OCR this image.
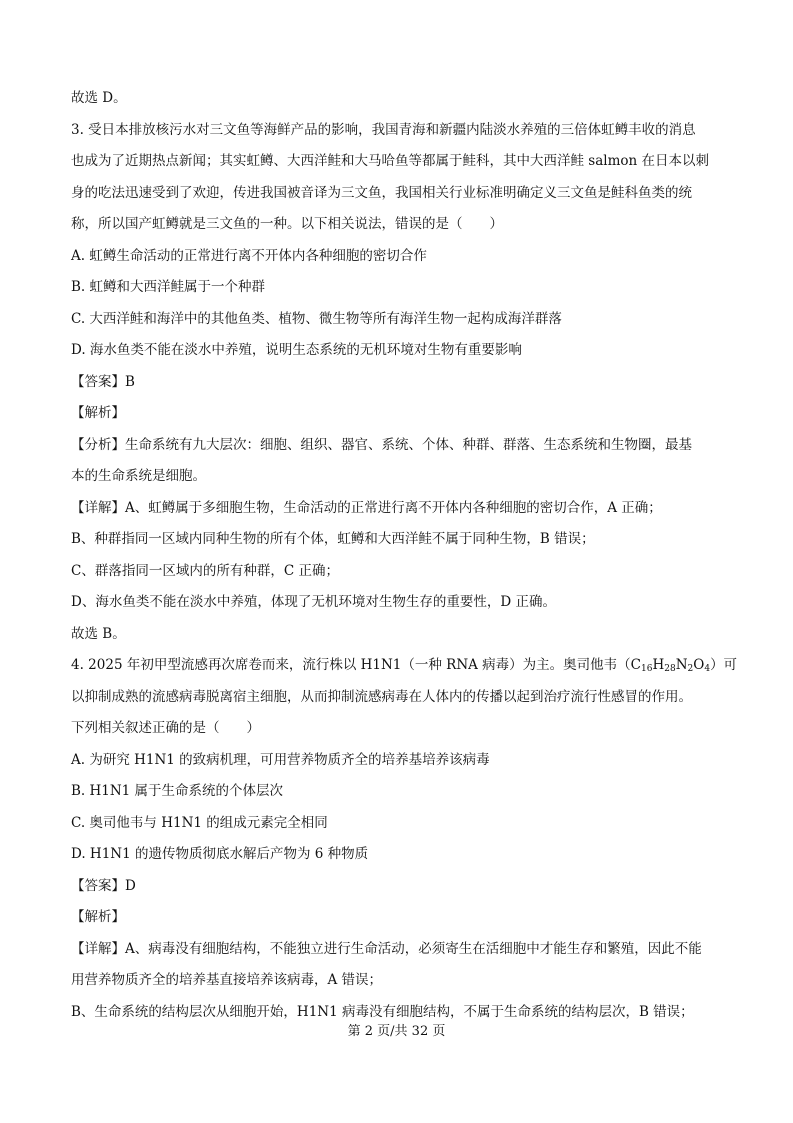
故选 D。
3. 受日本排放核污水对三文鱼等海鲜产品的影响，我国青海和新疆内陆淡水养殖的三倍体虹鳟丰收的消息
也成为了近期热点新闻；其实虹鳟、大西洋鲑和大马哈鱼等都属于鲑科，其中大西洋鲑 salmon 在日本以刺
身的吃法迅速受到了欢迎，传进我国被音译为三文鱼，我国相关行业标准明确定义三文鱼是鲑科鱼类的统
称，所以国产虹鳟就是三文鱼的一种。以下相关说法，错误的是（　　）
A. 虹鳟生命活动的正常进行离不开体内各种细胞的密切合作
B. 虹鳟和大西洋鲑属于一个种群
C. 大西洋鲑和海洋中的其他鱼类、植物、微生物等所有海洋生物一起构成海洋群落
D. 海水鱼类不能在淡水中养殖，说明生态系统的无机环境对生物有重要影响
【答案】B
【解析】
【分析】生命系统有九大层次：细胞、组织、器官、系统、个体、种群、群落、生态系统和生物圈，最基
本的生命系统是细胞。
【详解】A、虹鳟属于多细胞生物，生命活动的正常进行离不开体内各种细胞的密切合作，A 正确；
B、种群指同一区域内同种生物的所有个体，虹鳟和大西洋鲑不属于同种生物，B 错误；
C、群落指同一区域内的所有种群，C 正确；
D、海水鱼类不能在淡水中养殖，体现了无机环境对生物生存的重要性，D 正确。
故选 B。
4. 2025 年初甲型流感再次席卷而来，流行株以 H1N1（一种 RNA 病毒）为主。奥司他韦$(C_{16}H_{28}N_2O_4)$可
以抑制成熟的流感病毒脱离宿主细胞，从而抑制流感病毒在人体内的传播以起到治疗流行性感冒的作用。
下列相关叙述正确的是（　　）
A. 为研究 H1N1 的致病机理，可用营养物质齐全的培养基培养该病毒
B. H1N1 属于生命系统的个体层次
C. 奥司他韦与 H1N1 的组成元素完全相同
D. H1N1 的遗传物质彻底水解后产物为 6 种物质
【答案】D
【解析】
【详解】A、病毒没有细胞结构，不能独立进行生命活动，必须寄生在活细胞中才能生存和繁殖，因此不能
用营养物质齐全的培养基直接培养该病毒，A 错误；
B、生命系统的结构层次从细胞开始，H1N1 病毒没有细胞结构，不属于生命系统的结构层次，B 错误；
第 2 页/共 32 页
